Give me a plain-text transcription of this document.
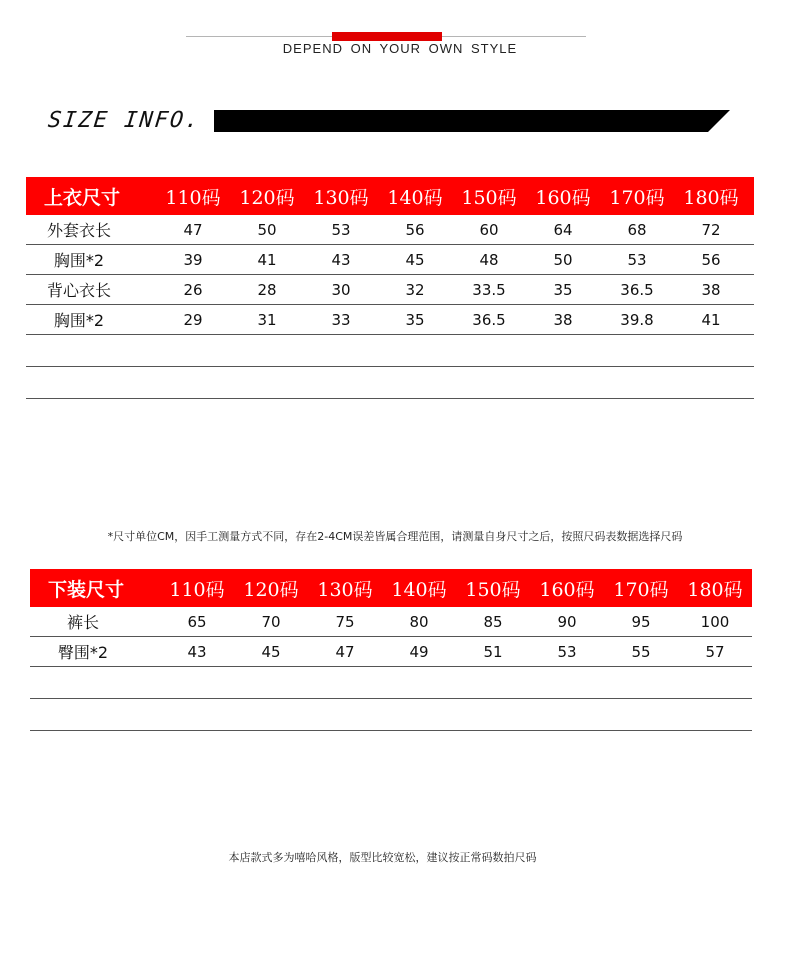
DEPEND ON YOUR OWN STYLE
SIZE INFO.
上衣尺寸	110码 120码 130码 140码 150码 160码 170码 180码
外套衣长	47	50	53	56	60	64	68	72
胸围*2	39	41	43	45	48	50	53	56
背心衣长	26	28	30	32	33.5	35	36.5	38
胸围*2	29	31	33	35	36.5	38	39.8	41
*尺寸单位CM，因手工测量方式不同，存在2-4CM误差皆属合理范围，请测量自身尺寸之后，按照尺码表数据选择尺码
下装尺寸	110码 120码 130码 140码 150码 160码 170码 180码
裤长	65	70	75	80	85	90	95	100
臀围*2	43	45	47	49	51	53	55	57
本店款式多为嘻哈风格，版型比较宽松，建议按正常码数拍尺码
